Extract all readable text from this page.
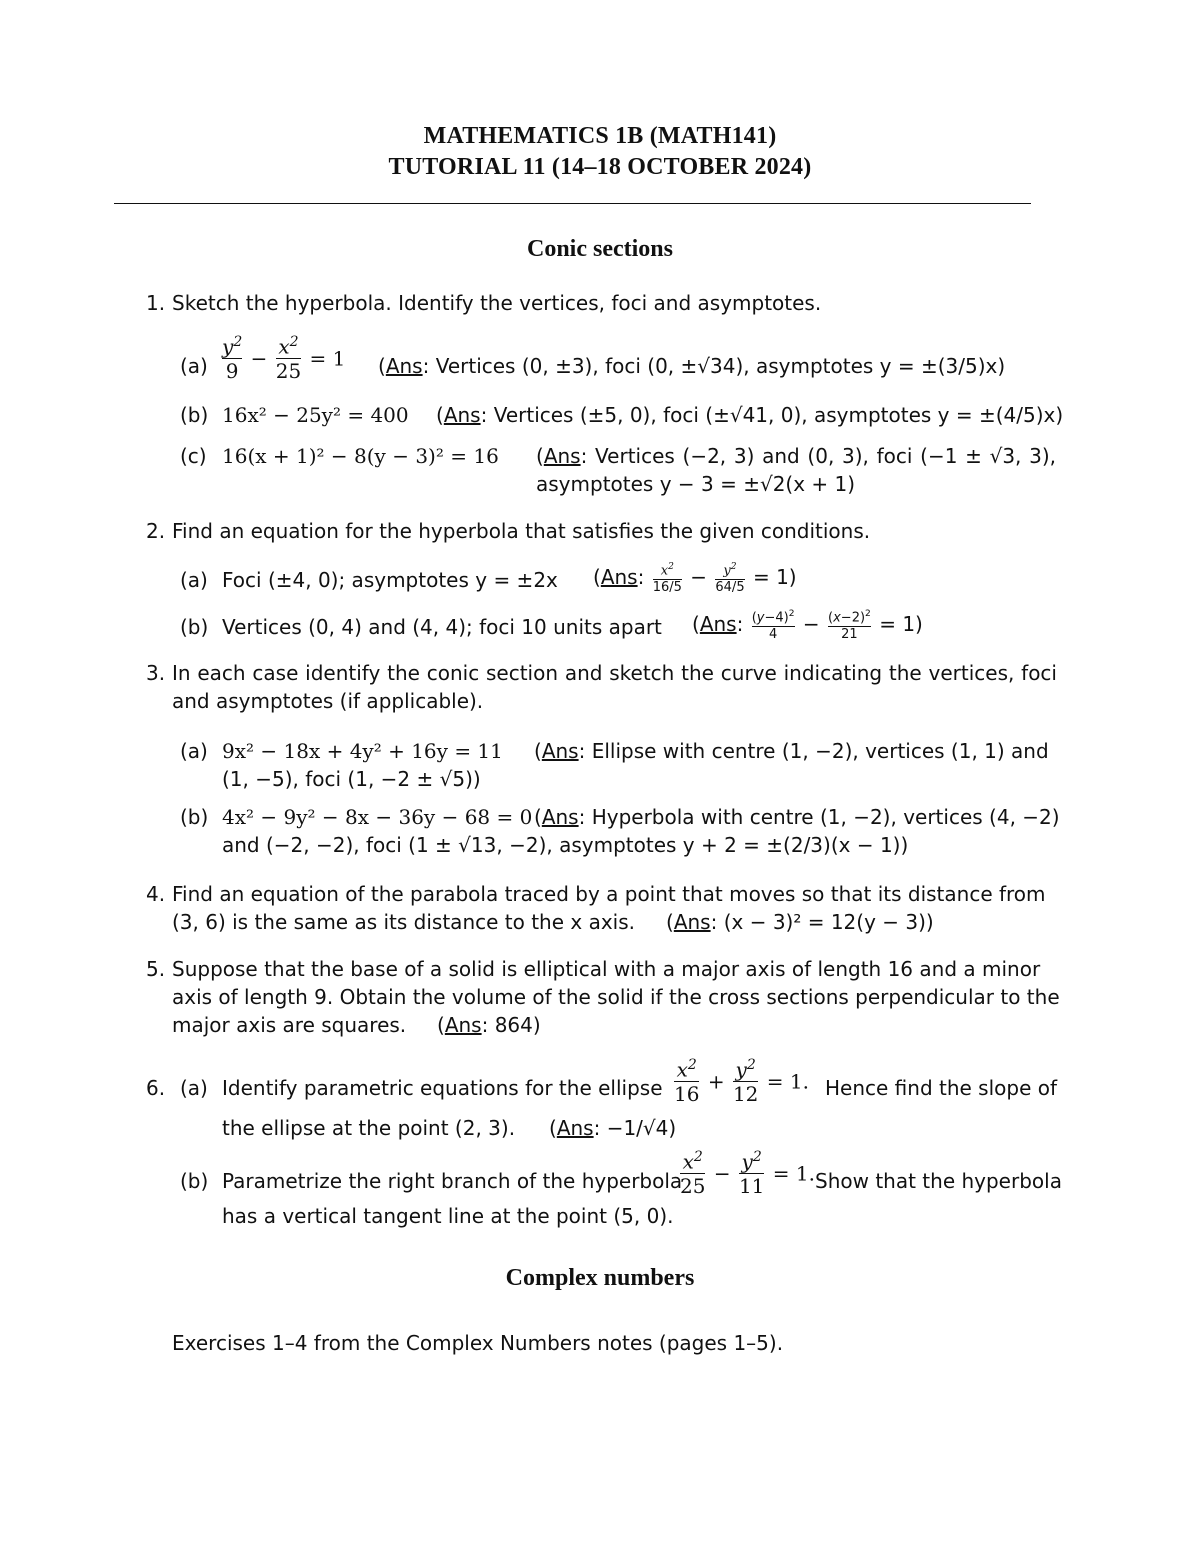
MATHEMATICS 1B (MATH141)
TUTORIAL 11 (14–18 OCTOBER 2024)
Conic sections
1. Sketch the hyperbola. Identify the vertices, foci and asymptotes.
$(a) \frac{y^2}{9} - \frac{x^2}{25} = 1$ (Ans: Vertices (0, ±3), foci (0, ±√34), asymptotes y = ±(3/5)x)
(b) 16x² − 25y² = 400 (Ans: Vertices (±5, 0), foci (±√41, 0), asymptotes y = ±(4/5)x)
(c) 16(x + 1)² − 8(y − 3)² = 16 (Ans: Vertices (−2, 3) and (0, 3), foci (−1 ± √3, 3), asymptotes y − 3 = ±√2(x + 1)
2. Find an equation for the hyperbola that satisfies the given conditions.
(a) Foci (±4, 0); asymptotes y = ±2x (Ans: $\frac{x^2}{16/5} - \frac{y^2}{64/5} = 1$)
(b) Vertices (0, 4) and (4, 4); foci 10 units apart (Ans: $\frac{(y-4)^2}{4} - \frac{(x-2)^2}{21} = 1$)
3. In each case identify the conic section and sketch the curve indicating the vertices, foci
and asymptotes (if applicable).
(a) 9x² − 18x + 4y² + 16y = 11 (Ans: Ellipse with centre (1, −2), vertices (1, 1) and
(1, −5), foci (1, −2 ± √5))
(b) 4x² − 9y² − 8x − 36y − 68 = 0 (Ans: Hyperbola with centre (1, −2), vertices (4, −2)
and (−2, −2), foci (1 ± √13, −2), asymptotes y + 2 = ±(2/3)(x − 1))
4. Find an equation of the parabola traced by a point that moves so that its distance from
(3, 6) is the same as its distance to the x axis. (Ans: (x − 3)² = 12(y − 3))
5. Suppose that the base of a solid is elliptical with a major axis of length 16 and a minor
axis of length 9. Obtain the volume of the solid if the cross sections perpendicular to the
major axis are squares. (Ans: 864)
6. (a) Identify parametric equations for the ellipse $\frac{x^2}{16} + \frac{y^2}{12} = 1$. Hence find the slope of
the ellipse at the point (2, 3). (Ans: −1/√4)
(b) Parametrize the right branch of the hyperbola
$\frac{x^2}{25} - \frac{y^2}{11} = 1$. Show that the hyperbola
has a vertical tangent line at the point (5, 0).
Complex numbers
Exercises 1–4 from the Complex Numbers notes (pages 1–5).
